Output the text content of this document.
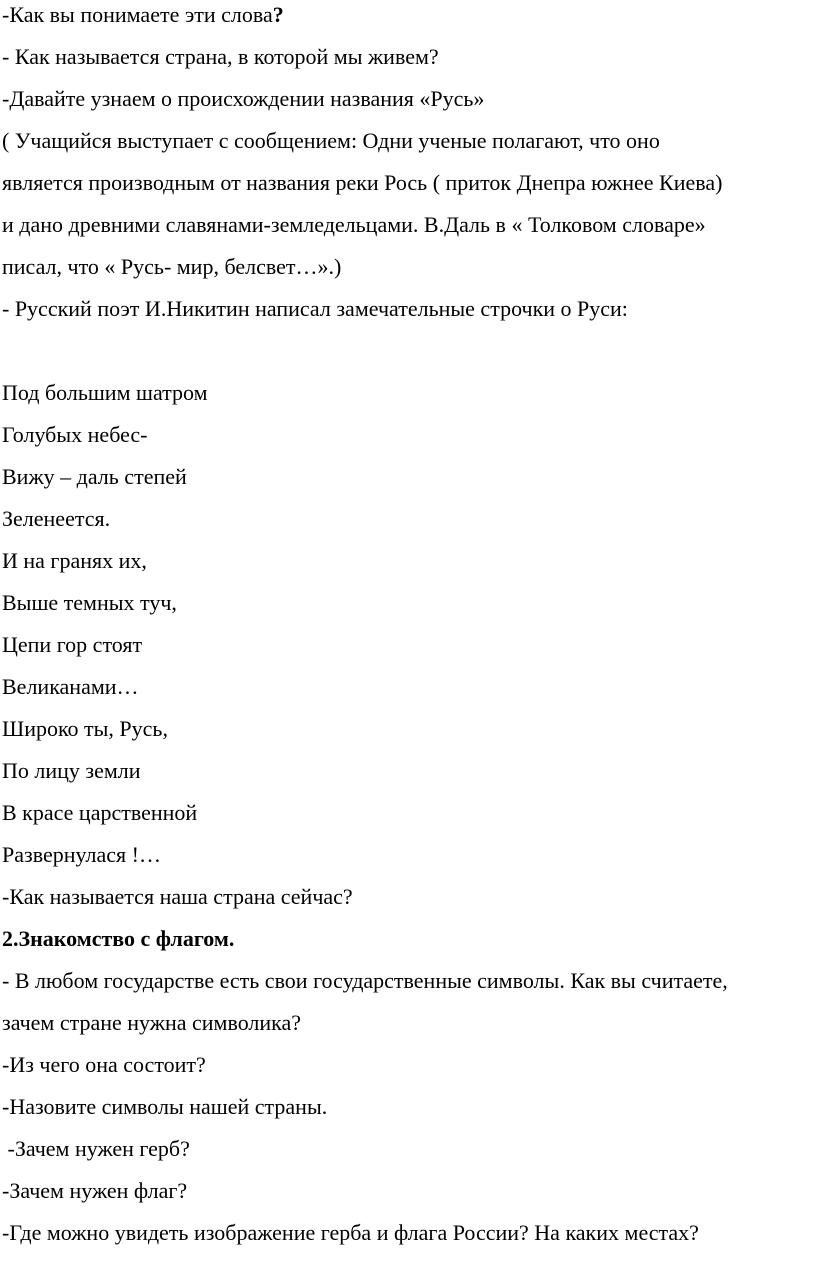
-Как вы понимаете эти слова?
- Как называется страна, в которой мы живем?
-Давайте узнаем о происхождении названия «Русь»
( Учащийся выступает с сообщением: Одни ученые полагают, что оно
является производным от названия реки Рось ( приток Днепра южнее Киева)
и дано древними славянами-земледельцами. В.Даль в « Толковом словаре»
писал, что « Русь- мир, белсвет…».)
- Русский поэт И.Никитин написал замечательные строчки о Руси:
Под большим шатром
Голубых небес-
Вижу – даль степей
Зеленеется.
И на гранях их,
Выше темных туч,
Цепи гор стоят
Великанами…
Широко ты, Русь,
По лицу земли
В красе царственной
Развернулася !…
-Как называется наша страна сейчас?
2.Знакомство с флагом.
- В любом государстве есть свои государственные символы. Как вы считаете,
зачем стране нужна символика?
-Из чего она состоит?
-Назовите символы нашей страны.
-Зачем нужен герб?
-Зачем нужен флаг?
-Где можно увидеть изображение герба и флага России? На каких местах?
